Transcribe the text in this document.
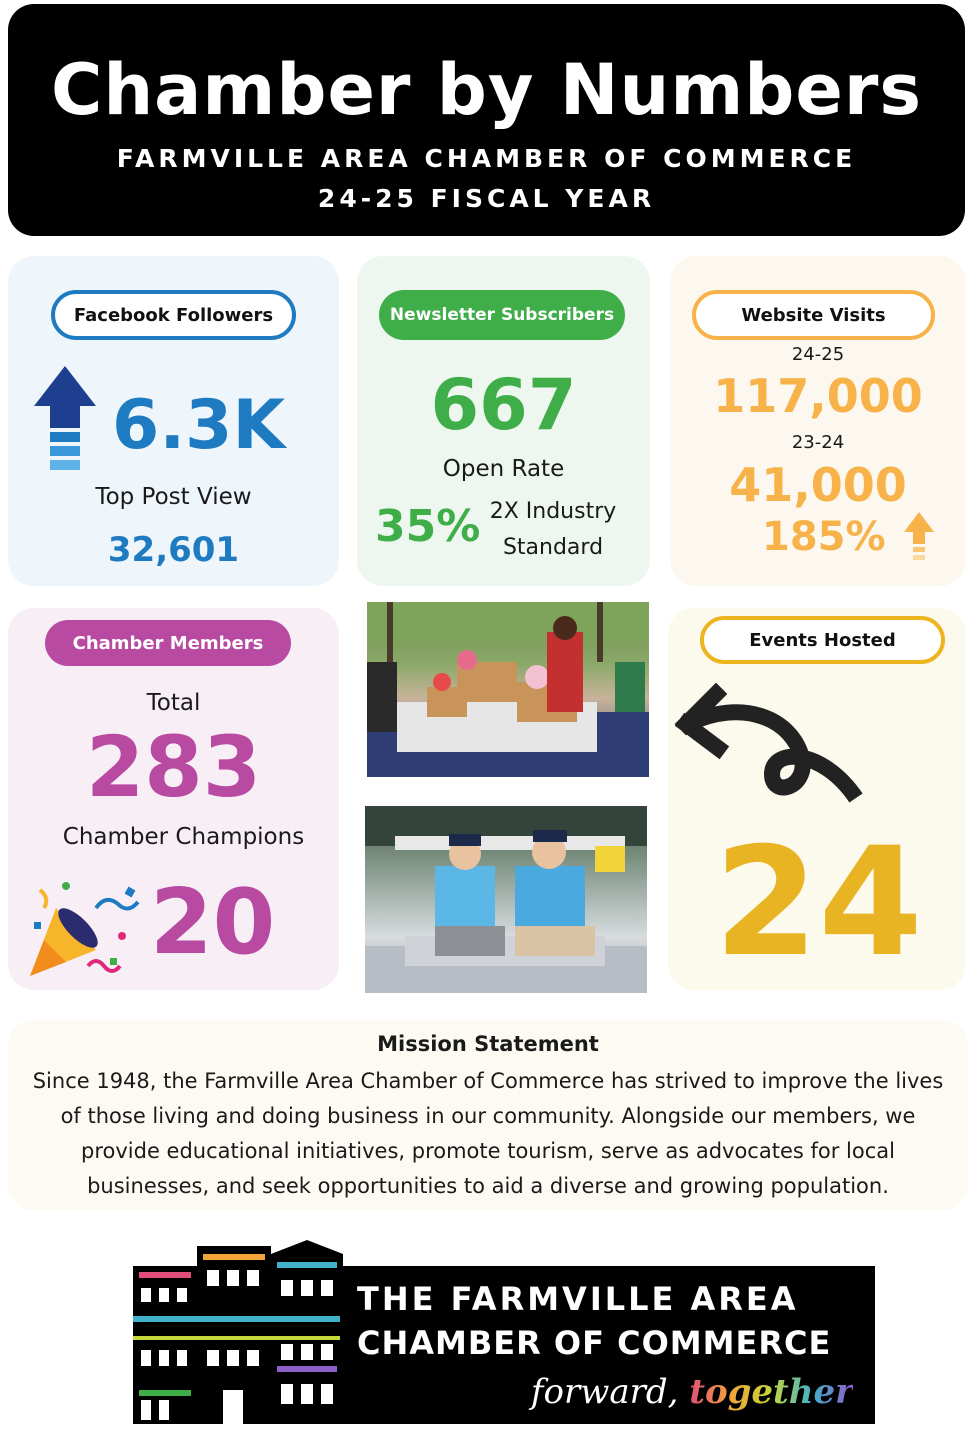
Chamber by Numbers
FARMVILLE AREA CHAMBER OF COMMERCE
24-25 FISCAL YEAR
Facebook Followers
6.3K
Top Post View
32,601
Newsletter Subscribers
667
Open Rate
35% 2X Industry
Standard
Website Visits
24-25
117,000
23-24
41,000
185%
Chamber Members
Total
283
Chamber Champions
20
Events Hosted
24
Mission Statement
Since 1948, the Farmville Area Chamber of Commerce has strived to improve the lives of those living and doing business in our community. Alongside our members, we provide educational initiatives, promote tourism, serve as advocates for local businesses, and seek opportunities to aid a diverse and growing population.
THE FARMVILLE AREA
CHAMBER OF COMMERCE
forward, together
